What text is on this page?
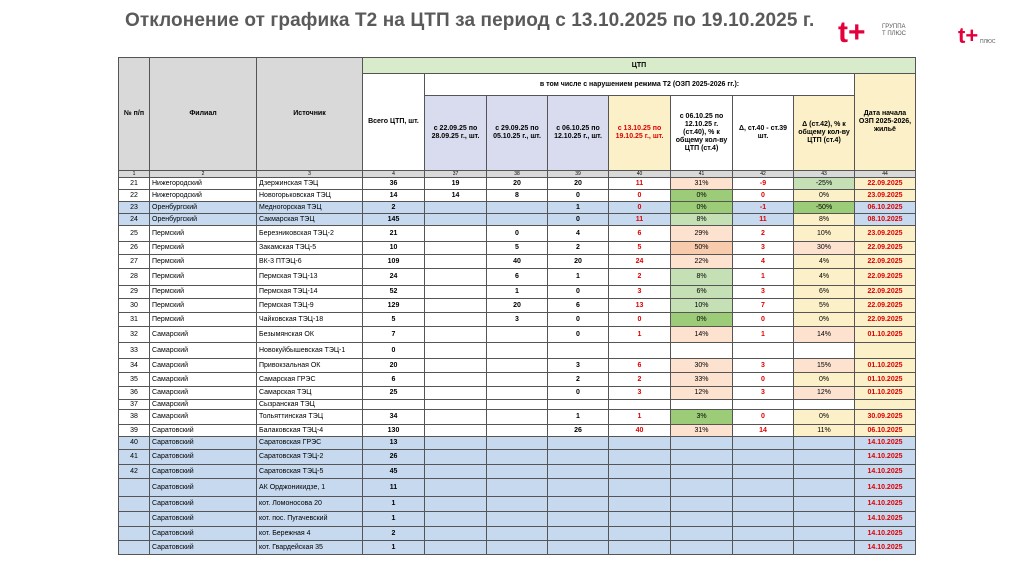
Отклонение от графика Т2 на ЦТП за период с 13.10.2025 по 19.10.2025 г. t+	ГРУППА
Т ПЛЮС t+ ПЛЮС
№ п/п	Филиал	Источник	ЦТП								
			Всего ЦТП, шт.	в том числе с нарушением режима Т2 (ОЗП 2025-2026 гг.):							Дата начала ОЗП 2025-2026, жильё
				с 22.09.25 по 28.09.25 г., шт.	с 29.09.25 по 05.10.25 г., шт.	с 06.10.25 по 12.10.25 г., шт.	с 13.10.25 по 19.10.25 г., шт.	с 06.10.25 по 12.10.25 г. (ст.40), % к общему кол-ву ЦТП (ст.4)	Δ, ст.40 - ст.39 шт.	Δ (ст.42), % к общему кол-ву ЦТП (ст.4)	
1	2	3	4	37	38	39	40	41	42	43	44
21	Нижегородский	Дзержинская ТЭЦ	36	19	20	20	11	31%	-9	-25%	22.09.2025
22	Нижегородский	Новогорьковская ТЭЦ	14	14	8	0	0	0%	0	0%	23.09.2025
23	Оренбургский	Медногорская ТЭЦ	2			1	0	0%	-1	-50%	06.10.2025
24	Оренбургский	Сакмарская ТЭЦ	145			0	11	8%	11	8%	08.10.2025
25	Пермский	Березниковская ТЭЦ-2	21		0	4	6	29%	2	10%	23.09.2025
26	Пермский	Закамская ТЭЦ-5	10		5	2	5	50%	3	30%	22.09.2025
27	Пермский	ВК-3 ПТЭЦ-6	109		40	20	24	22%	4	4%	22.09.2025
28	Пермский	Пермская ТЭЦ-13	24		6	1	2	8%	1	4%	22.09.2025
29	Пермский	Пермская ТЭЦ-14	52		1	0	3	6%	3	6%	22.09.2025
30	Пермский	Пермская ТЭЦ-9	129		20	6	13	10%	7	5%	22.09.2025
31	Пермский	Чайковская ТЭЦ-18	5		3	0	0	0%	0	0%	22.09.2025
32	Самарский	Безымянская ОК	7			0	1	14%	1	14%	01.10.2025
33	Самарский	Новокуйбышевская ТЭЦ-1	0								
34	Самарский	Привокзальная ОК	20			3	6	30%	3	15%	01.10.2025
35	Самарский	Самарская ГРЭС	6			2	2	33%	0	0%	01.10.2025
36	Самарский	Самарская ТЭЦ	25			0	3	12%	3	12%	01.10.2025
37	Самарский	Сызранская ТЭЦ									
38	Самарский	Тольяттинская ТЭЦ	34			1	1	3%	0	0%	30.09.2025
39	Саратовский	Балаковская ТЭЦ-4	130			26	40	31%	14	11%	06.10.2025
40	Саратовский	Саратовская ГРЭС	13								14.10.2025
41	Саратовский	Саратовская ТЭЦ-2	26								14.10.2025
42	Саратовский	Саратовская ТЭЦ-5	45								14.10.2025
	Саратовский	АК Орджоникидзе, 1	11								14.10.2025
	Саратовский	кот. Ломоносова 20	1								14.10.2025
	Саратовский	кот. пос. Пугачевский	1								14.10.2025
	Саратовский	кот. Бережная 4	2								14.10.2025
	Саратовский	кот. Гвардейская 35	1								14.10.2025
